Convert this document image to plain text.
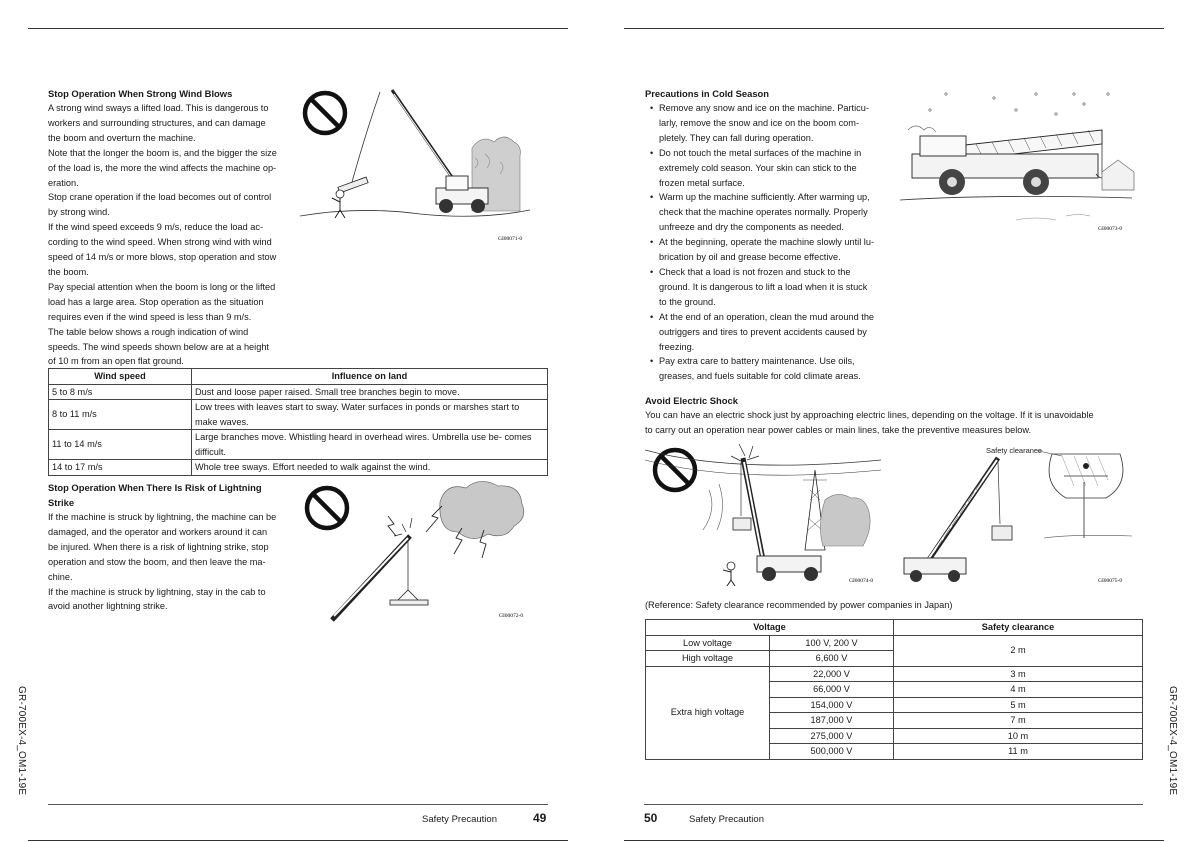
GR-700EX-4_OM1-19E	GR-700EX-4_OM1-19E
Stop Operation When Strong Wind Blows
A strong wind sways a lifted load. This is dangerous to
workers and surrounding structures, and can damage
the boom and overturn the machine.
Note that the longer the boom is, and the bigger the size
of the load is, the more the wind affects the machine op-
eration.
Stop crane operation if the load becomes out of control
by strong wind.
If the wind speed exceeds 9 m/s, reduce the load ac-
cording to the wind speed. When strong wind with wind
speed of 14 m/s or more blows, stop operation and stow
the boom.
Pay special attention when the boom is long or the lifted
load has a large area. Stop operation as the situation
requires even if the wind speed is less than 9 m/s.
The table below shows a rough indication of wind
speeds. The wind speeds shown below are at a height
of 10 m from an open flat ground.
GI00071-0
Wind speed	Influence on land
5 to 8 m/s	Dust and loose paper raised. Small tree branches begin to move.
8 to 11 m/s	Low trees with leaves start to sway. Water surfaces in ponds or marshes start to make waves.
11 to 14 m/s	Large branches move. Whistling heard in overhead wires. Umbrella use be- comes difficult.
14 to 17 m/s	Whole tree sways. Effort needed to walk against the wind.
Stop Operation When There Is Risk of Lightning
Strike
If the machine is struck by lightning, the machine can be
damaged, and the operator and workers around it can
be injured. When there is a risk of lightning strike, stop
operation and stow the boom, and then leave the ma-
chine.
If the machine is struck by lightning, stay in the cab to
avoid another lightning strike.
GI00072-0
Safety Precaution	49
Precautions in Cold Season
• Remove any snow and ice on the machine. Particu-
larly, remove the snow and ice on the boom com-
pletely. They can fall during operation.
• Do not touch the metal surfaces of the machine in
extremely cold season. Your skin can stick to the
frozen metal surface.
• Warm up the machine sufficiently. After warming up,
check that the machine operates normally. Properly
unfreeze and dry the components as needed.
• At the beginning, operate the machine slowly until lu-
brication by oil and grease become effective.
• Check that a load is not frozen and stuck to the
ground. It is dangerous to lift a load when it is stuck
to the ground.
• At the end of an operation, clean the mud around the
outriggers and tires to prevent accidents caused by
freezing.
• Pay extra care to battery maintenance. Use oils,
greases, and fuels suitable for cold climate areas.
GI00073-0
Avoid Electric Shock
You can have an electric shock just by approaching electric lines, depending on the voltage. If it is unavoidable
to carry out an operation near power cables or main lines, take the preventive measures below.
GI00074-0
Safety clearance
GI00075-0
(Reference: Safety clearance recommended by power companies in Japan)
Voltage		Safety clearance
Low voltage	100 V, 200 V	2 m
High voltage	6,600 V	
Extra high voltage	22,000 V	3 m
	66,000 V	4 m
	154,000 V	5 m
	187,000 V	7 m
	275,000 V	10 m
	500,000 V	11 m
50	Safety Precaution
